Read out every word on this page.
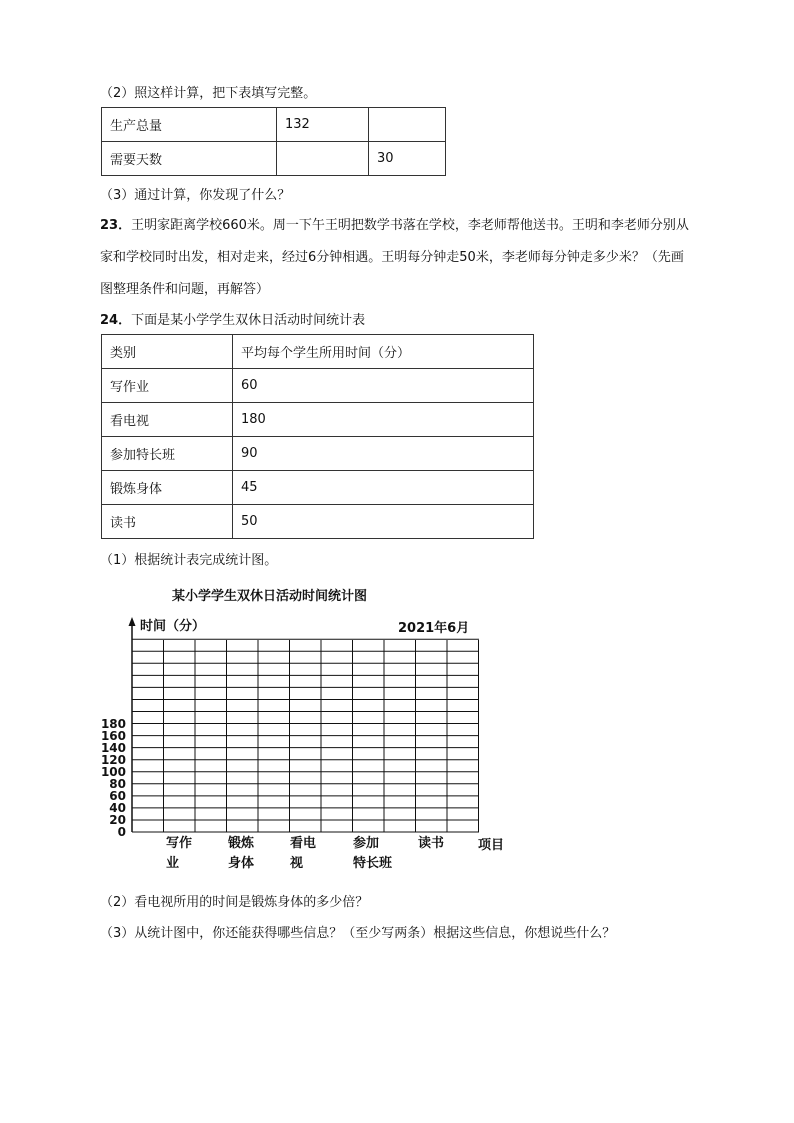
（2）照这样计算，把下表填写完整。
生产总量	132	
需要天数		30
（3）通过计算，你发现了什么？
23．王明家距离学校660米。周一下午王明把数学书落在学校，李老师帮他送书。王明和李老师分别从
家和学校同时出发，相对走来，经过6分钟相遇。王明每分钟走50米，李老师每分钟走多少米？（先画
图整理条件和问题，再解答）
24．下面是某小学学生双休日活动时间统计表
类别	平均每个学生所用时间（分）
写作业	60
看电视	180
参加特长班	90
锻炼身体	45
读书	50
（1）根据统计表完成统计图。
某小学学生双休日活动时间统计图
时间（分）	2021年6月
0
20
40
60
80
100
120
140
160
180
写作
业
锻炼
身体
看电
视
参加
特长班
读书	项目
（2）看电视所用的时间是锻炼身体的多少倍？
（3）从统计图中，你还能获得哪些信息？（至少写两条）根据这些信息，你想说些什么？
